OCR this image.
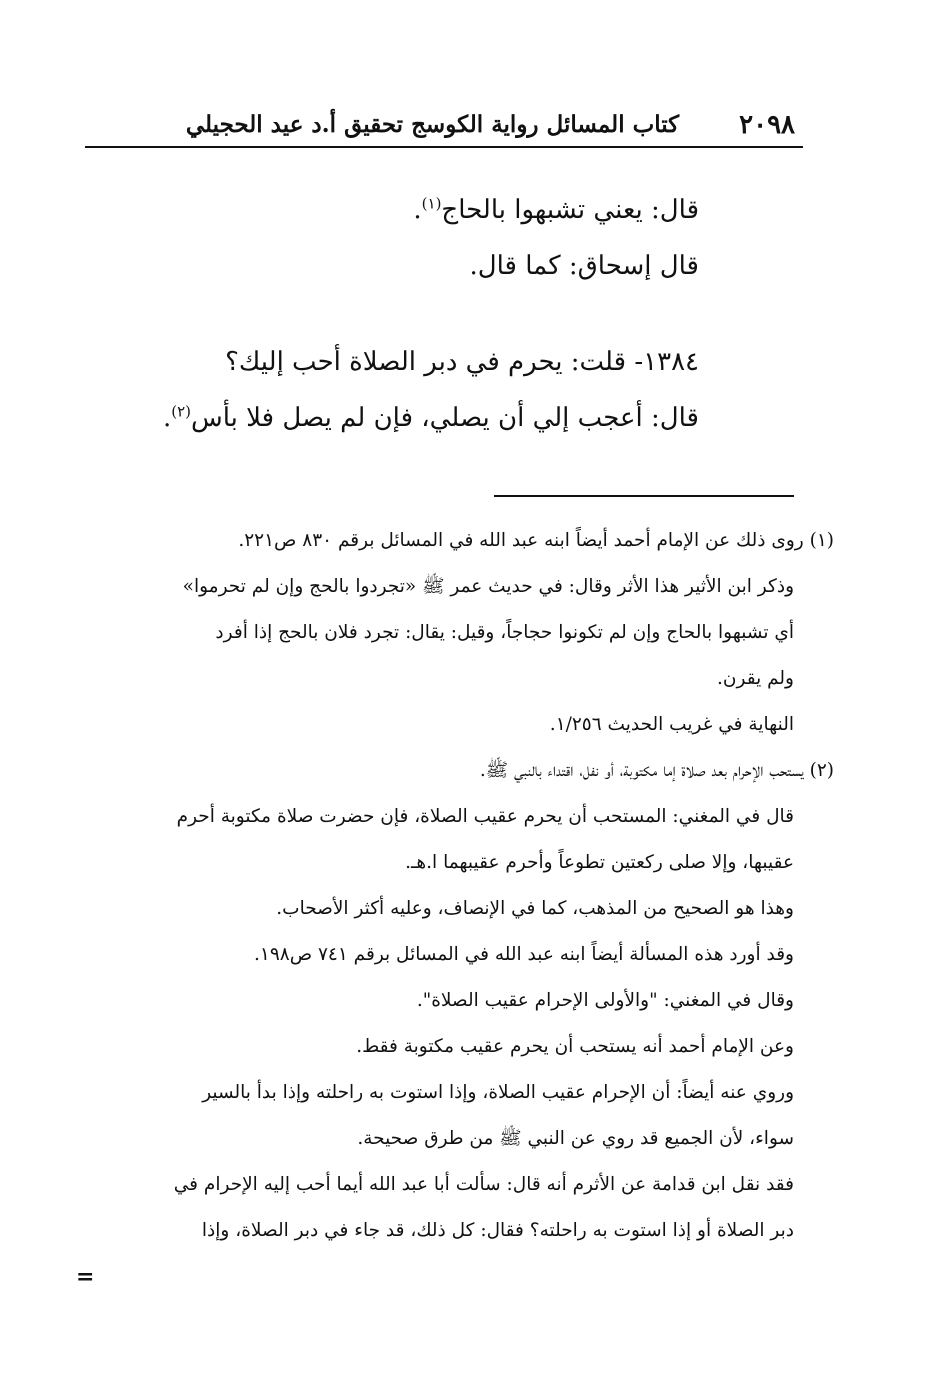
٢٠٩٨
كتاب المسائل رواية الكوسج تحقيق أ.د عيد الحجيلي

قال: يعني تشبهوا بالحاج$^{(١)}$.

قال إسحاق: كما قال.

١٣٨٤- قلت: يحرم في دبر الصلاة أحب إليك؟

قال: أعجب إلي أن يصلي، فإن لم يصل فلا بأس$^{(٢)}$.

(١) روى ذلك عن الإمام أحمد أيضاً ابنه عبد الله في المسائل برقم ٨٣٠ ص٢٢١.

وذكر ابن الأثير هذا الأثر وقال: في حديث عمر ﷺ «تجردوا بالحج وإن لم تحرموا»

أي تشبهوا بالحاج وإن لم تكونوا حجاجاً، وقيل: يقال: تجرد فلان بالحج إذا أفرد

ولم يقرن.

النهاية في غريب الحديث ١/٢٥٦.

(٢) يستحب الإحرام بعد صلاة إما مكتوبة، أو نفل، اقتداء بالنبي ﷺ.

قال في المغني: المستحب أن يحرم عقيب الصلاة، فإن حضرت صلاة مكتوبة أحرم

عقيبها، وإلا صلى ركعتين تطوعاً وأحرم عقيبهما ا.هـ.

وهذا هو الصحيح من المذهب، كما في الإنصاف، وعليه أكثر الأصحاب.

وقد أورد هذه المسألة أيضاً ابنه عبد الله في المسائل برقم ٧٤١ ص١٩٨.

وقال في المغني: "والأولى الإحرام عقيب الصلاة".

وعن الإمام أحمد أنه يستحب أن يحرم عقيب مكتوبة فقط.

وروي عنه أيضاً: أن الإحرام عقيب الصلاة، وإذا استوت به راحلته وإذا بدأ بالسير

سواء، لأن الجميع قد روي عن النبي ﷺ من طرق صحيحة.

فقد نقل ابن قدامة عن الأثرم أنه قال: سألت أبا عبد الله أيما أحب إليه الإحرام في

دبر الصلاة أو إذا استوت به راحلته؟ فقال: كل ذلك، قد جاء في دبر الصلاة، وإذا

=
